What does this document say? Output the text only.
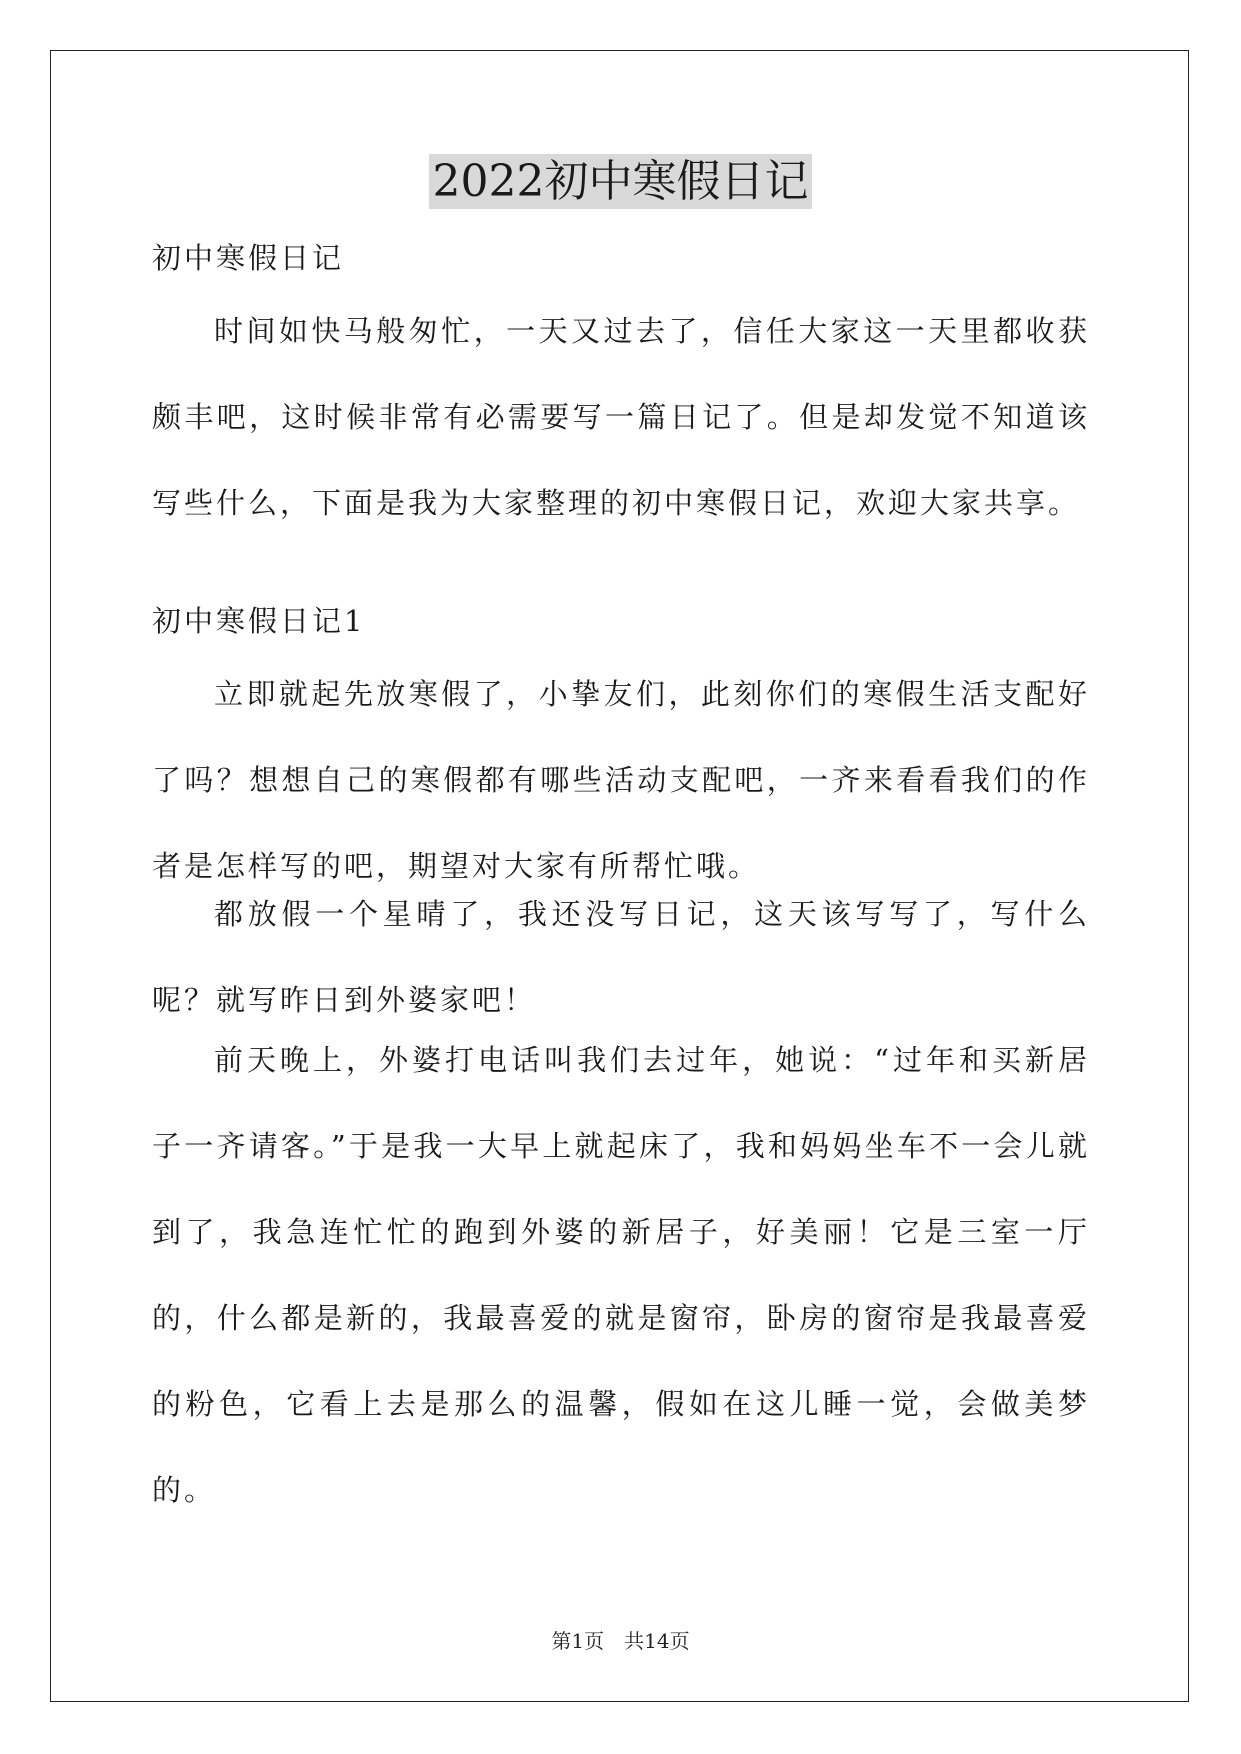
2022初中寒假日记

初中寒假日记

时间如快马般匆忙，一天又过去了，信任大家这一天里都收获颇丰吧，这时候非常有必需要写一篇日记了。但是却发觉不知道该写些什么，下面是我为大家整理的初中寒假日记，欢迎大家共享。

初中寒假日记1

立即就起先放寒假了，小挚友们，此刻你们的寒假生活支配好了吗？想想自己的寒假都有哪些活动支配吧，一齐来看看我们的作者是怎样写的吧，期望对大家有所帮忙哦。

都放假一个星晴了，我还没写日记，这天该写写了，写什么呢？就写昨日到外婆家吧！

前天晚上，外婆打电话叫我们去过年，她说：“过年和买新居子一齐请客。”于是我一大早上就起床了，我和妈妈坐车不一会儿就到了，我急连忙忙的跑到外婆的新居子，好美丽！它是三室一厅的，什么都是新的，我最喜爱的就是窗帘，卧房的窗帘是我最喜爱的粉色，它看上去是那么的温馨，假如在这儿睡一觉，会做美梦的。

第1页 共14页
